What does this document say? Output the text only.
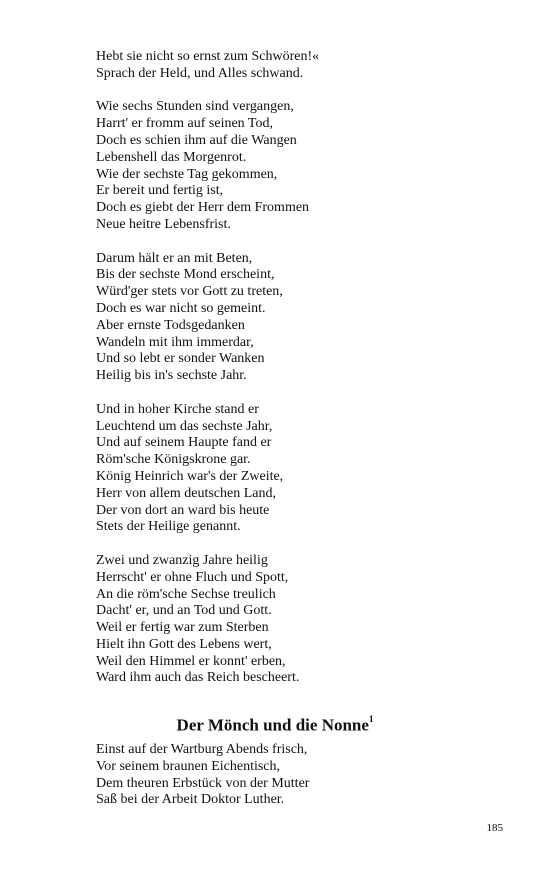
Hebt sie nicht so ernst zum Schwören!«
Sprach der Held, und Alles schwand.
Wie sechs Stunden sind vergangen,
Harrt' er fromm auf seinen Tod,
Doch es schien ihm auf die Wangen
Lebenshell das Morgenrot.
Wie der sechste Tag gekommen,
Er bereit und fertig ist,
Doch es giebt der Herr dem Frommen
Neue heitre Lebensfrist.
Darum hält er an mit Beten,
Bis der sechste Mond erscheint,
Würd'ger stets vor Gott zu treten,
Doch es war nicht so gemeint.
Aber ernste Todsgedanken
Wandeln mit ihm immerdar,
Und so lebt er sonder Wanken
Heilig bis in's sechste Jahr.
Und in hoher Kirche stand er
Leuchtend um das sechste Jahr,
Und auf seinem Haupte fand er
Röm'sche Königskrone gar.
König Heinrich war's der Zweite,
Herr von allem deutschen Land,
Der von dort an ward bis heute
Stets der Heilige genannt.
Zwei und zwanzig Jahre heilig
Herrscht' er ohne Fluch und Spott,
An die röm'sche Sechse treulich
Dacht' er, und an Tod und Gott.
Weil er fertig war zum Sterben
Hielt ihn Gott des Lebens wert,
Weil den Himmel er konnt' erben,
Ward ihm auch das Reich bescheert.
Der Mönch und die Nonne$^1$
Einst auf der Wartburg Abends frisch,
Vor seinem braunen Eichentisch,
Dem theuren Erbstück von der Mutter
Saß bei der Arbeit Doktor Luther.
185
